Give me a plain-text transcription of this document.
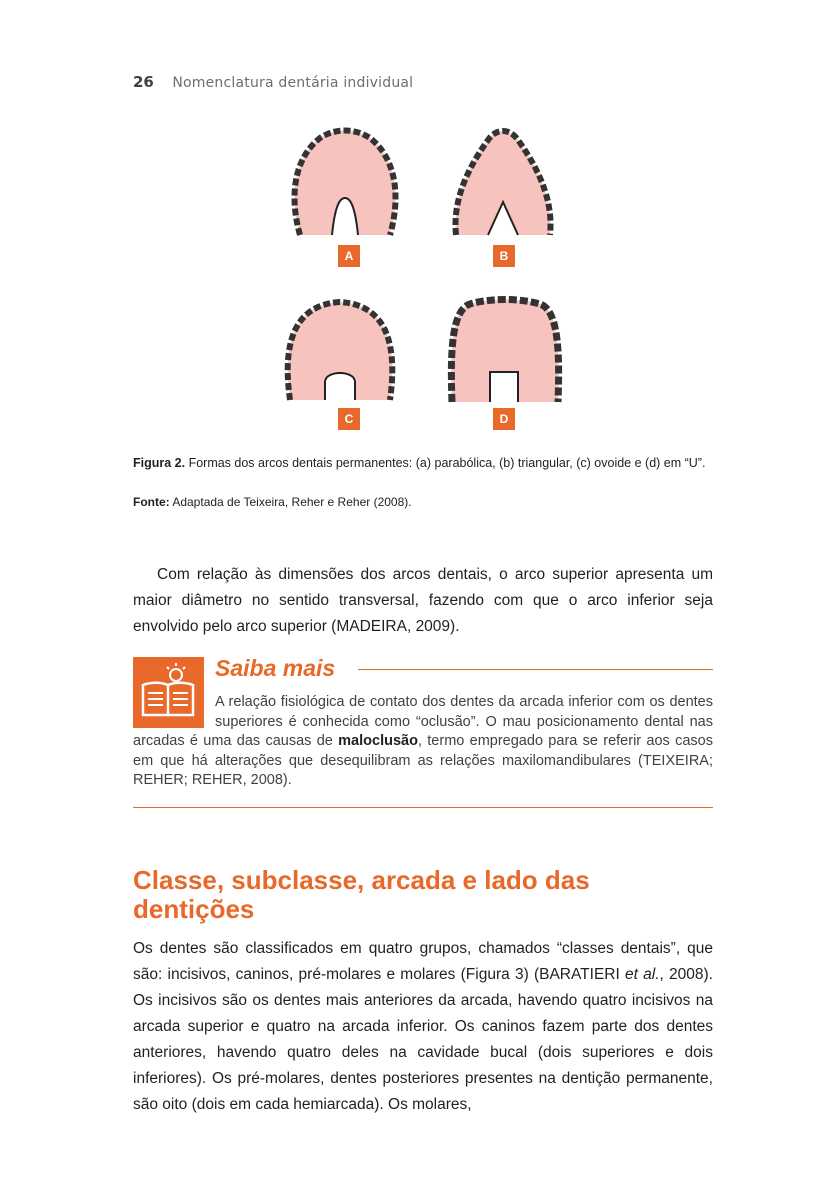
26 Nomenclatura dentária individual
A	B
C	D
Figura 2. Formas dos arcos dentais permanentes: (a) parabólica, (b) triangular, (c) ovoide e (d) em “U”.
Fonte: Adaptada de Teixeira, Reher e Reher (2008).
Com relação às dimensões dos arcos dentais, o arco superior apresenta um maior diâmetro no sentido transversal, fazendo com que o arco inferior seja envolvido pelo arco superior (MADEIRA, 2009).
Saiba mais
A relação fisiológica de contato dos dentes da arcada inferior com os dentes superiores é conhecida como “oclusão”. O mau posicionamento dental nas arcadas é uma das causas de maloclusão, termo empregado para se referir aos casos em que há alterações que desequilibram as relações maxilomandibulares (TEIXEIRA; REHER; REHER, 2008).
Classe, subclasse, arcada e lado das dentições
Os dentes são classificados em quatro grupos, chamados “classes dentais”, que são: incisivos, caninos, pré-molares e molares (Figura 3) (BARATIERI et al., 2008). Os incisivos são os dentes mais anteriores da arcada, havendo quatro incisivos na arcada superior e quatro na arcada inferior. Os caninos fazem parte dos dentes anteriores, havendo quatro deles na cavidade bucal (dois superiores e dois inferiores). Os pré-molares, dentes posteriores presentes na dentição permanente, são oito (dois em cada hemiarcada). Os molares,
